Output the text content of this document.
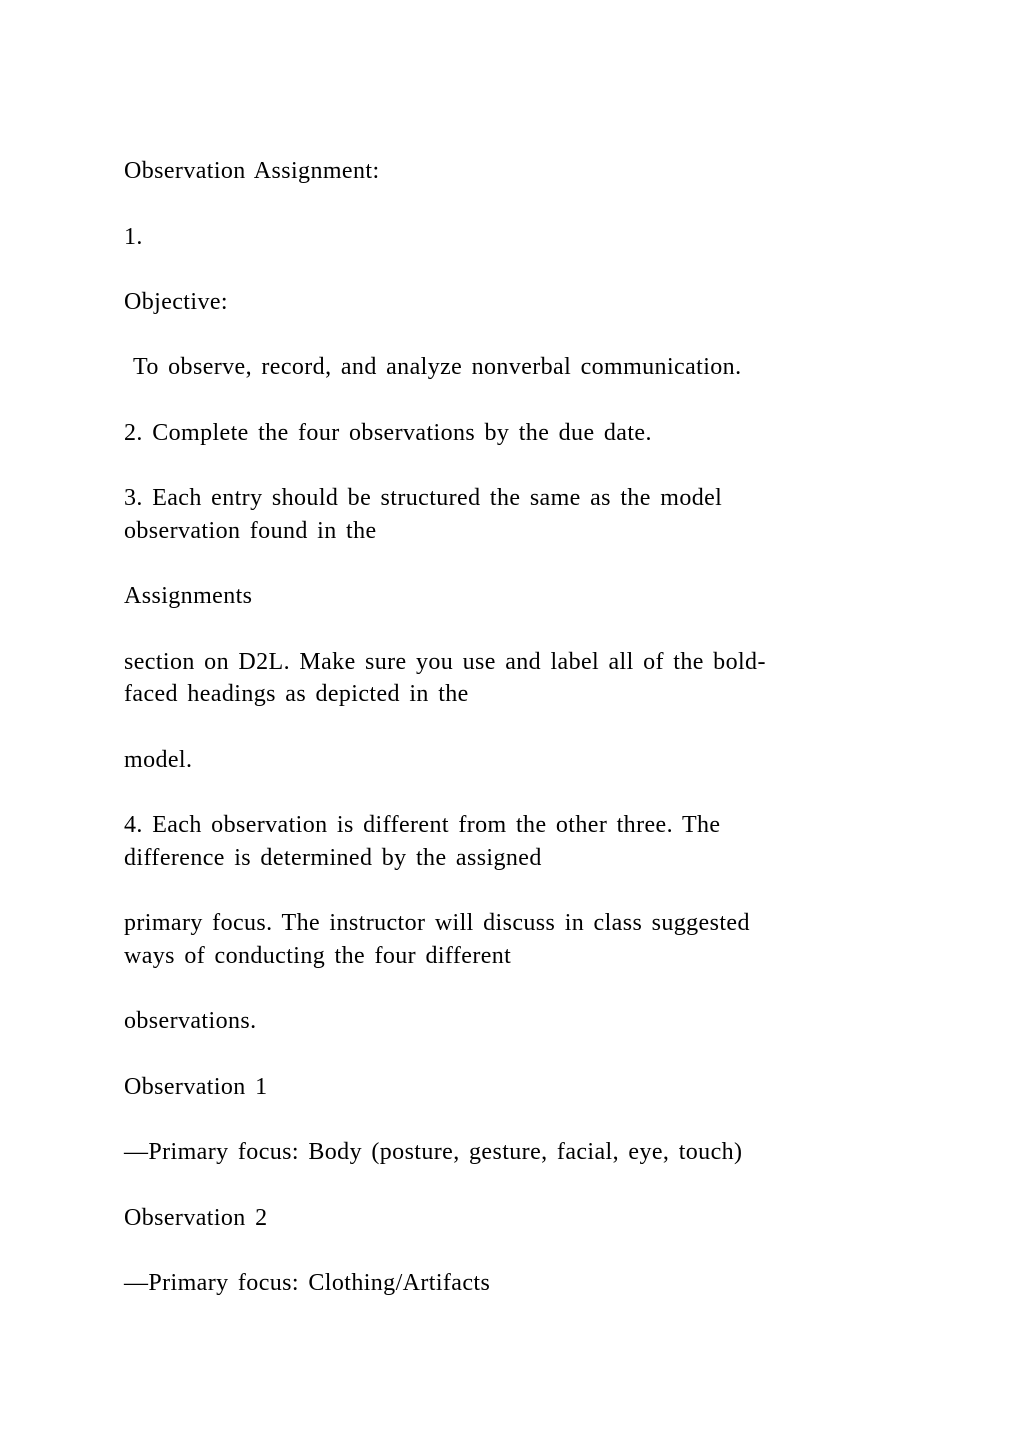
Observation Assignment:
1.
Objective:
To observe, record, and analyze nonverbal communication.
2. Complete the four observations by the due date.
3. Each entry should be structured the same as the model
observation found in the
Assignments
section on D2L. Make sure you use and label all of the bold-
faced headings as depicted in the
model.
4. Each observation is different from the other three. The
difference is determined by the assigned
primary focus. The instructor will discuss in class suggested
ways of conducting the four different
observations.
Observation 1
—Primary focus: Body (posture, gesture, facial, eye, touch)
Observation 2
—Primary focus: Clothing/Artifacts
